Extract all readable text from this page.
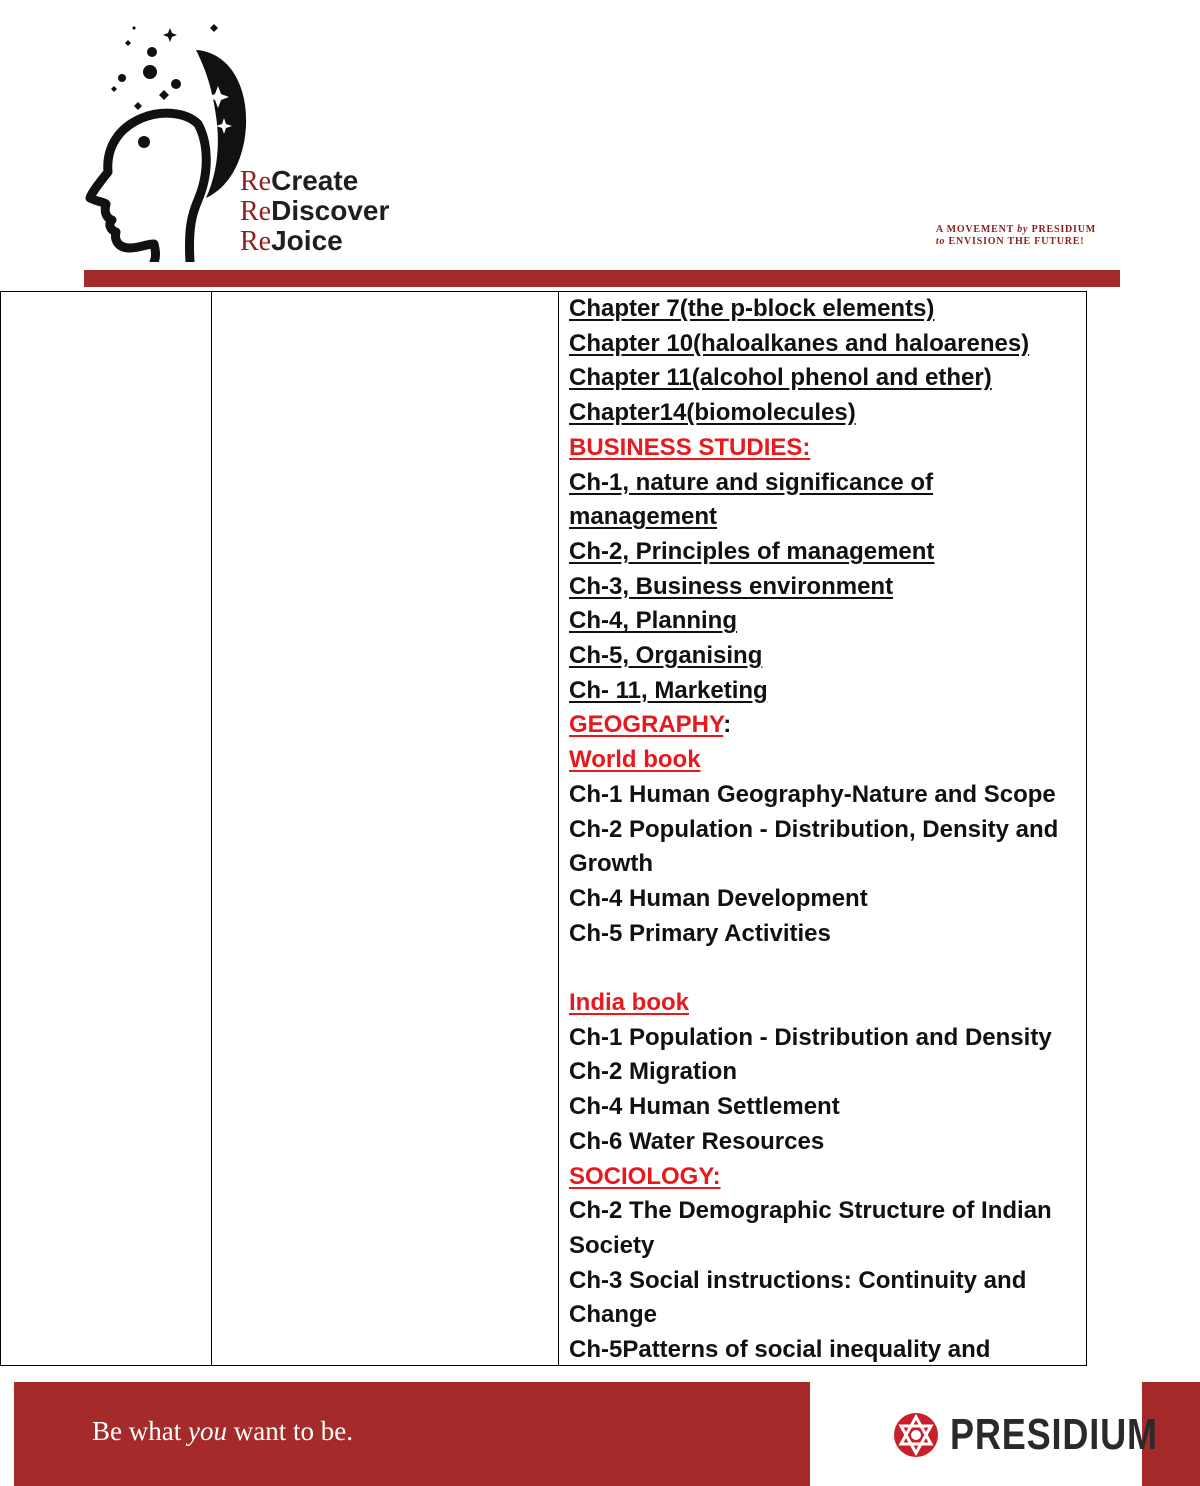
ReCreate
ReDiscover
ReJoice	A MOVEMENT by PRESIDIUM
to ENVISION THE FUTURE!
Chapter 7(the p-block elements)
Chapter 10(haloalkanes and haloarenes)
Chapter 11(alcohol phenol and ether)
Chapter14(biomolecules)
BUSINESS STUDIES:
Ch-1, nature and significance of
management
Ch-2, Principles of management
Ch-3, Business environment
Ch-4, Planning
Ch-5, Organising
Ch- 11, Marketing
GEOGRAPHY:
World book
Ch-1 Human Geography-Nature and Scope
Ch-2 Population - Distribution, Density and
Growth
Ch-4 Human Development
Ch-5 Primary Activities
India book
Ch-1 Population - Distribution and Density
Ch-2 Migration
Ch-4 Human Settlement
Ch-6 Water Resources
SOCIOLOGY:
Ch-2 The Demographic Structure of Indian
Society
Ch-3 Social instructions: Continuity and
Change
Ch-5Patterns of social inequality and
Be what you want to be.	PRESIDIUM
